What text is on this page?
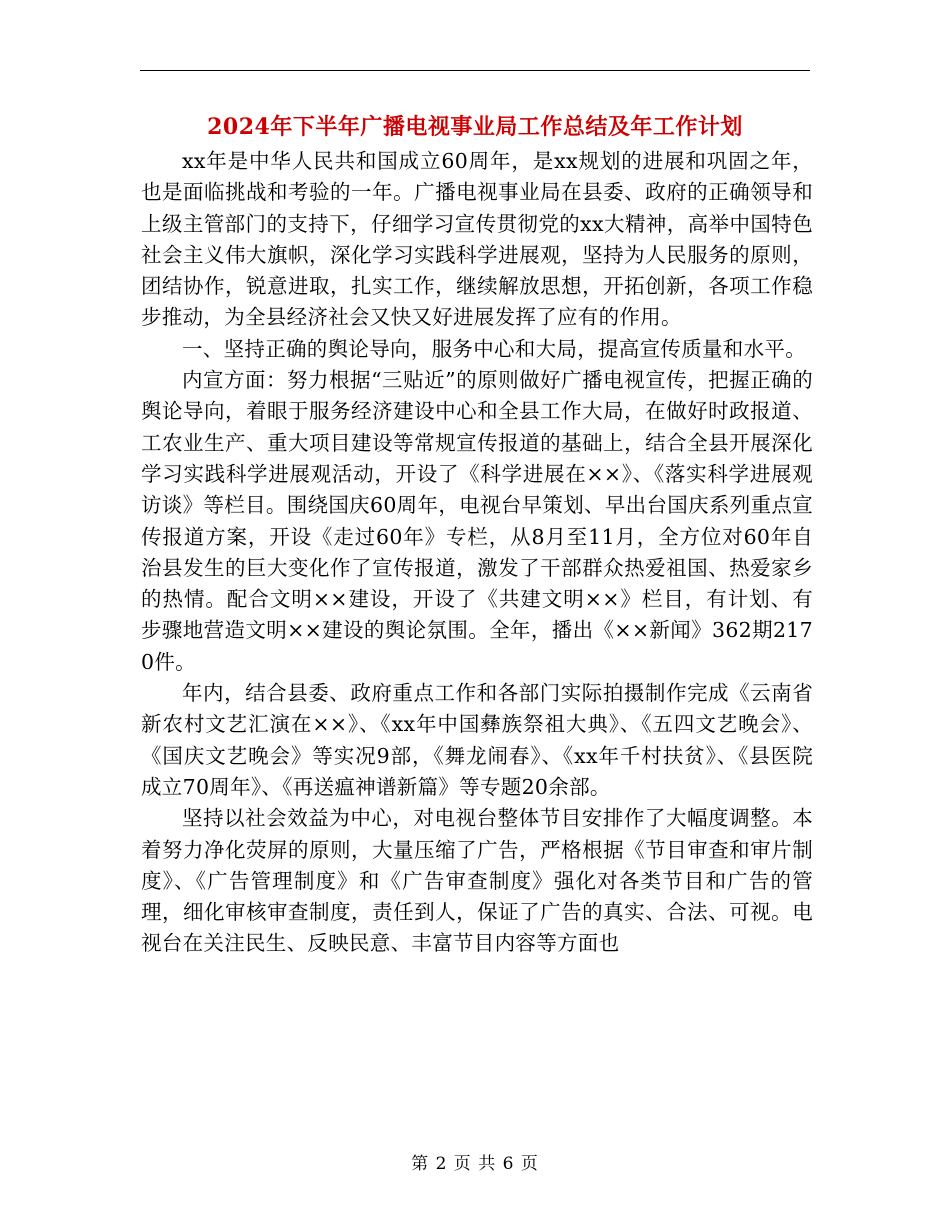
2024年下半年广播电视事业局工作总结及年工作计划

xx年是中华人民共和国成立60周年，是xx规划的进展和巩固之年，也是面临挑战和考验的一年。广播电视事业局在县委、政府的正确领导和上级主管部门的支持下，仔细学习宣传贯彻党的xx大精神，高举中国特色社会主义伟大旗帜，深化学习实践科学进展观，坚持为人民服务的原则，团结协作，锐意进取，扎实工作，继续解放思想，开拓创新，各项工作稳步推动，为全县经济社会又快又好进展发挥了应有的作用。

一、坚持正确的舆论导向，服务中心和大局，提高宣传质量和水平。

内宣方面：努力根据“三贴近”的原则做好广播电视宣传，把握正确的舆论导向，着眼于服务经济建设中心和全县工作大局，在做好时政报道、工农业生产、重大项目建设等常规宣传报道的基础上，结合全县开展深化学习实践科学进展观活动，开设了《科学进展在××》、《落实科学进展观访谈》等栏目。围绕国庆60周年，电视台早策划、早出台国庆系列重点宣传报道方案，开设《走过60年》专栏，从8月至11月，全方位对60年自治县发生的巨大变化作了宣传报道，激发了干部群众热爱祖国、热爱家乡的热情。配合文明××建设，开设了《共建文明××》栏目，有计划、有步骤地营造文明××建设的舆论氛围。全年，播出《××新闻》362期2170件。

年内，结合县委、政府重点工作和各部门实际拍摄制作完成《云南省新农村文艺汇演在××》、《xx年中国彝族祭祖大典》、《五四文艺晚会》、《国庆文艺晚会》等实况9部，《舞龙闹春》、《xx年千村扶贫》、《县医院成立70周年》、《再送瘟神谱新篇》等专题20余部。

坚持以社会效益为中心，对电视台整体节目安排作了大幅度调整。本着努力净化荧屏的原则，大量压缩了广告，严格根据《节目审查和审片制度》、《广告管理制度》和《广告审查制度》强化对各类节目和广告的管理，细化审核审查制度，责任到人，保证了广告的真实、合法、可视。电视台在关注民生、反映民意、丰富节目内容等方面也

第 2 页 共 6 页
